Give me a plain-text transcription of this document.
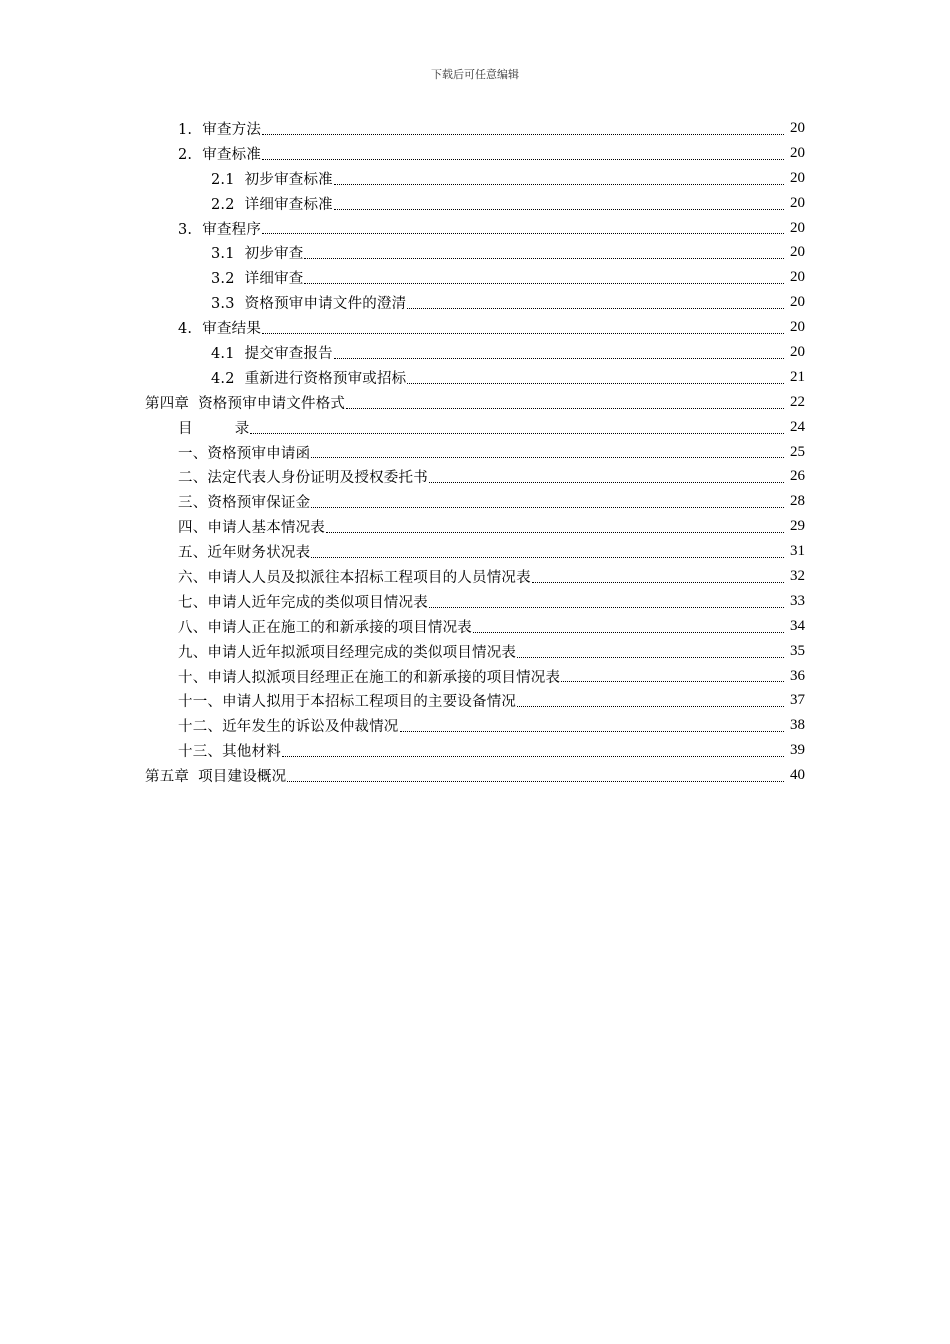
下载后可任意编辑
1. 审查方法	20
2. 审查标准	20
2.1 初步审查标准	20
2.2 详细审查标准	20
3. 审查程序	20
3.1 初步审查	20
3.2 详细审查	20
3.3 资格预审申请文件的澄清	20
4. 审查结果	20
4.1 提交审查报告	20
4.2 重新进行资格预审或招标	21
第四章 资格预审申请文件格式	22
目	录	24
一、资格预审申请函	25
二、法定代表人身份证明及授权委托书	26
三、资格预审保证金	28
四、申请人基本情况表	29
五、近年财务状况表	31
六、申请人人员及拟派往本招标工程项目的人员情况表	32
七、申请人近年完成的类似项目情况表	33
八、申请人正在施工的和新承接的项目情况表	34
九、申请人近年拟派项目经理完成的类似项目情况表	35
十、申请人拟派项目经理正在施工的和新承接的项目情况表	36
十一、申请人拟用于本招标工程项目的主要设备情况	37
十二、近年发生的诉讼及仲裁情况	38
十三、其他材料	39
第五章 项目建设概况	40
